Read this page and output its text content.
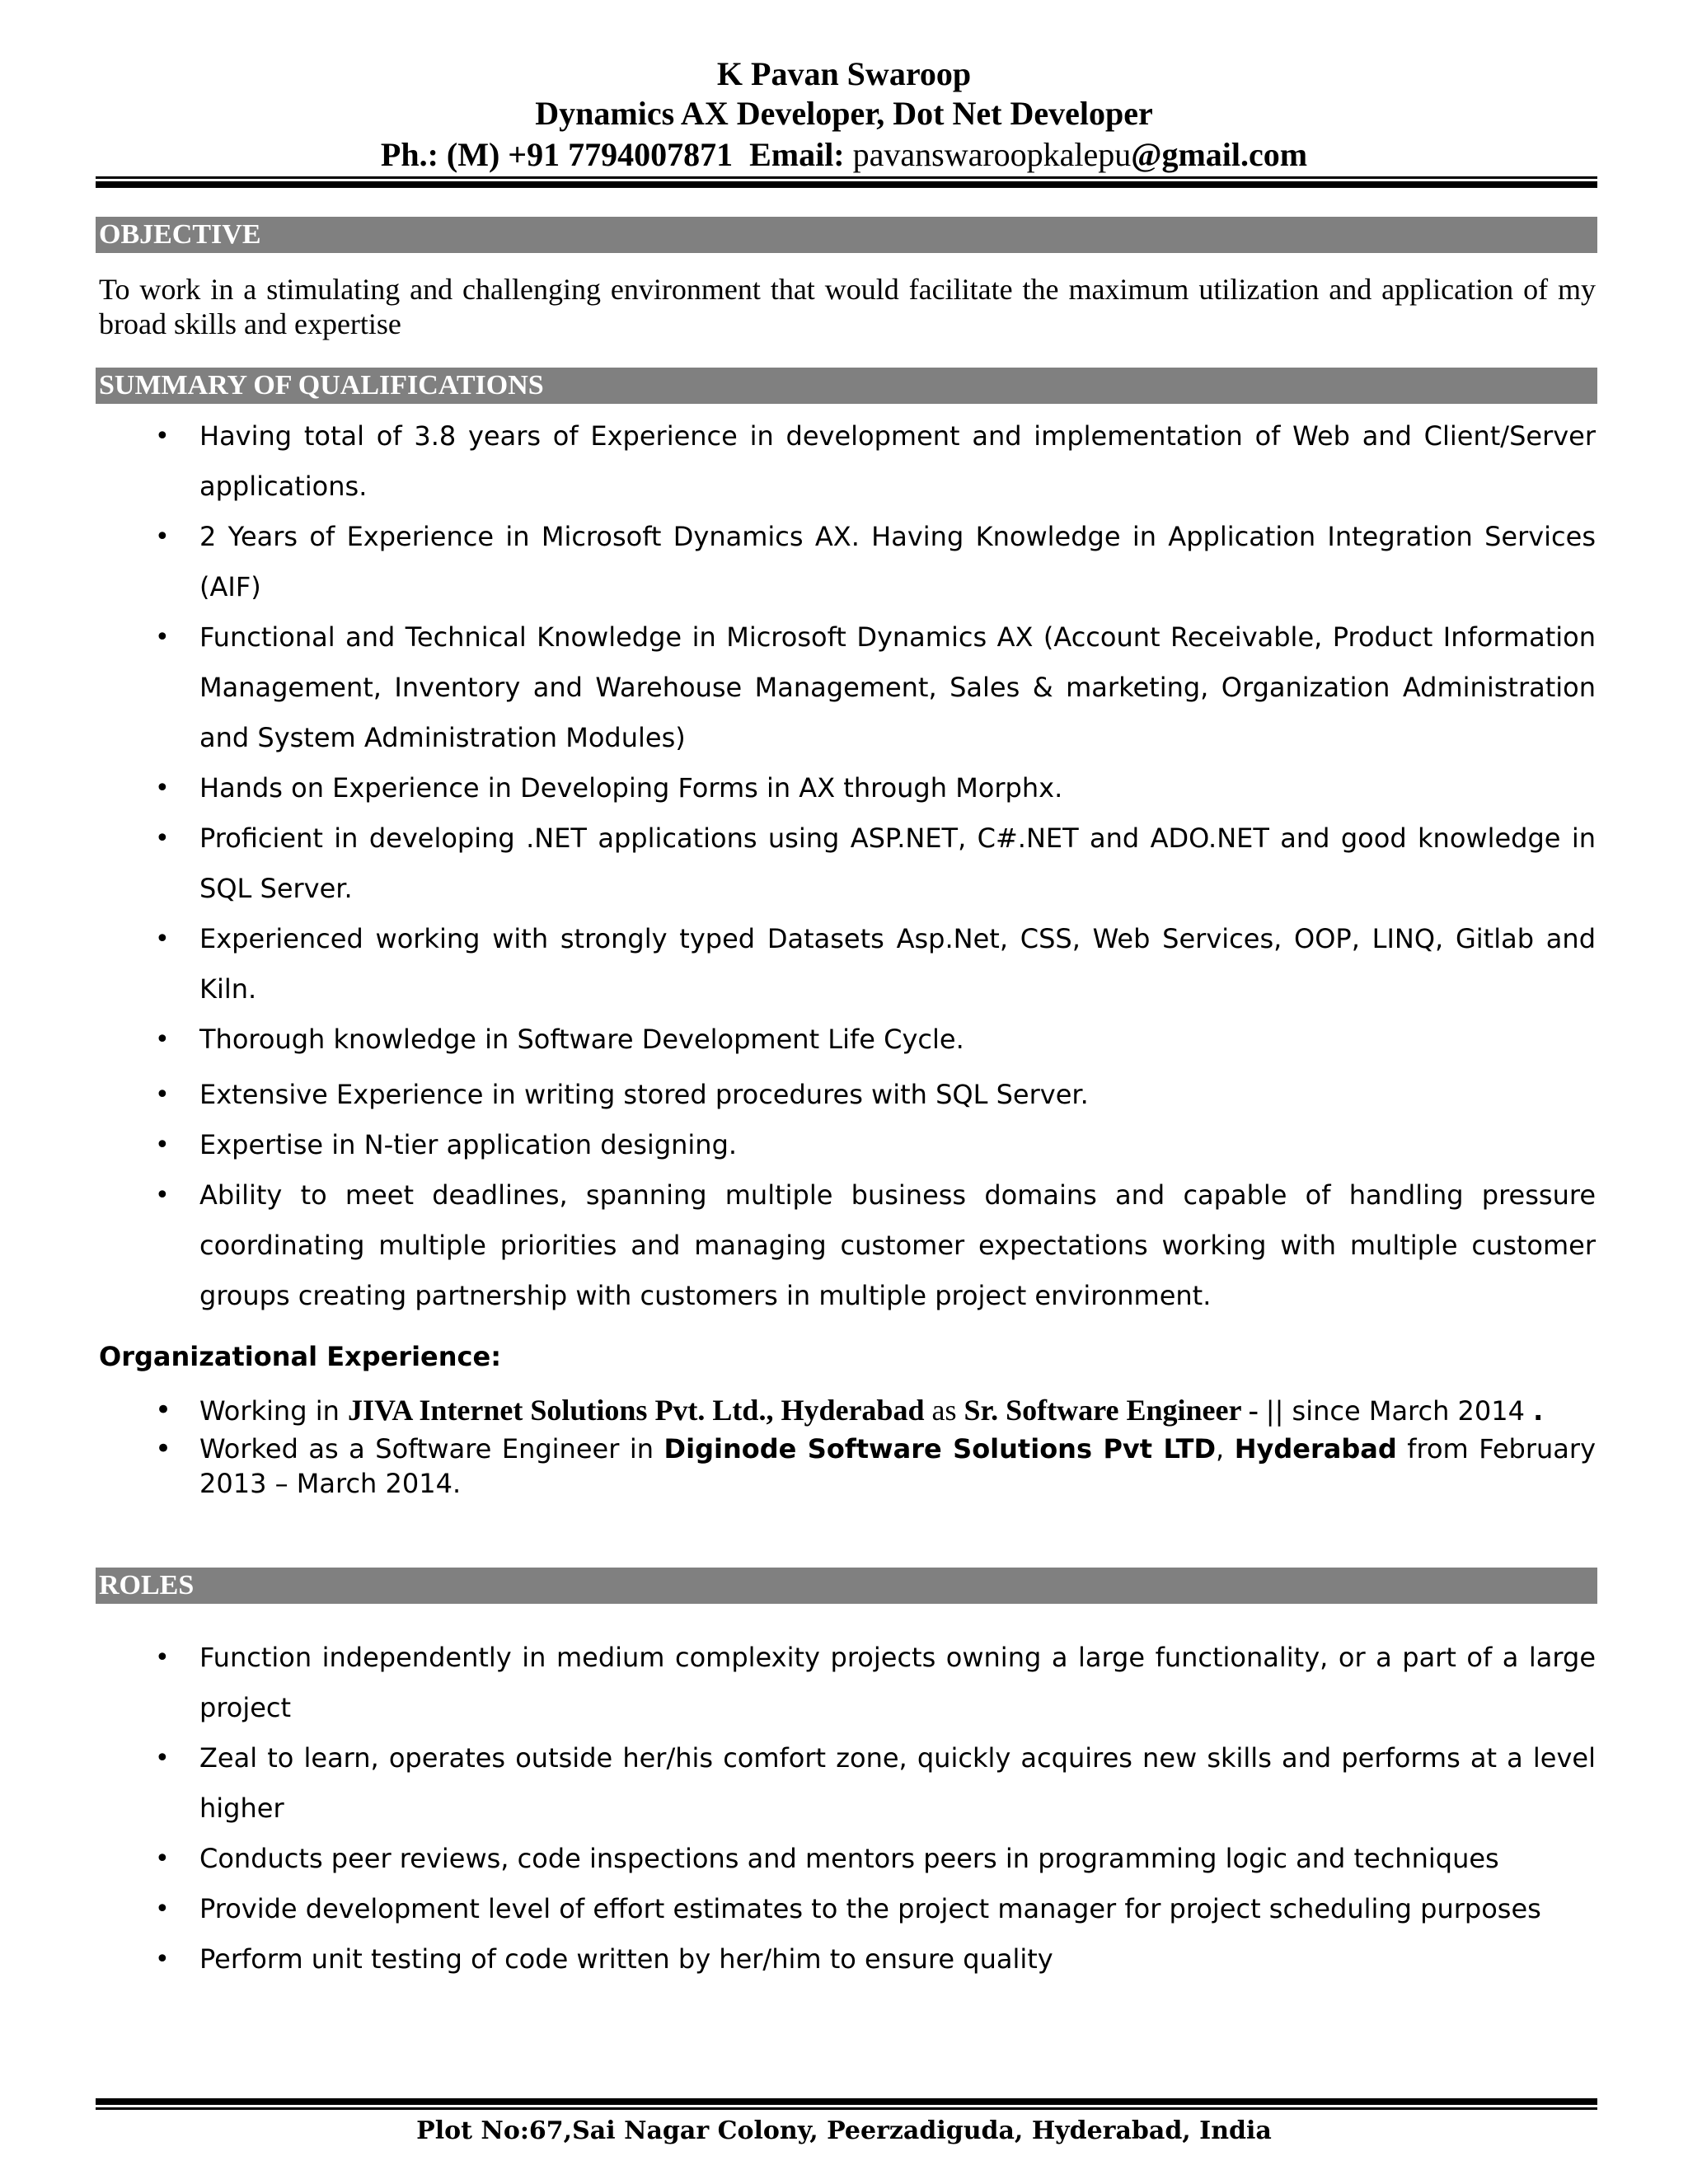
K Pavan Swaroop
Dynamics AX Developer, Dot Net Developer
Ph.: (M) +91 7794007871 Email: pavanswaroopkalepu@gmail.com
OBJECTIVE
To work in a stimulating and challenging environment that would facilitate the maximum utilization and application of my broad skills and expertise
SUMMARY OF QUALIFICATIONS
• Having total of 3.8 years of Experience in development and implementation of Web and Client/Server applications.
• 2 Years of Experience in Microsoft Dynamics AX. Having Knowledge in Application Integration Services (AIF)
• Functional and Technical Knowledge in Microsoft Dynamics AX (Account Receivable, Product Information Management, Inventory and Warehouse Management, Sales & marketing, Organization Administration and System Administration Modules)
• Hands on Experience in Developing Forms in AX through Morphx.
• Proficient in developing .NET applications using ASP.NET, C#.NET and ADO.NET and good knowledge in SQL Server.
• Experienced working with strongly typed Datasets Asp.Net, CSS, Web Services, OOP, LINQ, Gitlab and Kiln.
• Thorough knowledge in Software Development Life Cycle.
• Extensive Experience in writing stored procedures with SQL Server.
• Expertise in N-tier application designing.
• Ability to meet deadlines, spanning multiple business domains and capable of handling pressure coordinating multiple priorities and managing customer expectations working with multiple customer groups creating partnership with customers in multiple project environment.
Organizational Experience:
• Working in JIVA Internet Solutions Pvt. Ltd., Hyderabad as Sr. Software Engineer - || since March 2014 .
• Worked as a Software Engineer in Diginode Software Solutions Pvt LTD, Hyderabad from February 2013 – March 2014.
ROLES
• Function independently in medium complexity projects owning a large functionality, or a part of a large project
• Zeal to learn, operates outside her/his comfort zone, quickly acquires new skills and performs at a level higher
• Conducts peer reviews, code inspections and mentors peers in programming logic and techniques
• Provide development level of effort estimates to the project manager for project scheduling purposes
• Perform unit testing of code written by her/him to ensure quality
Plot No:67,Sai Nagar Colony, Peerzadiguda, Hyderabad, India
